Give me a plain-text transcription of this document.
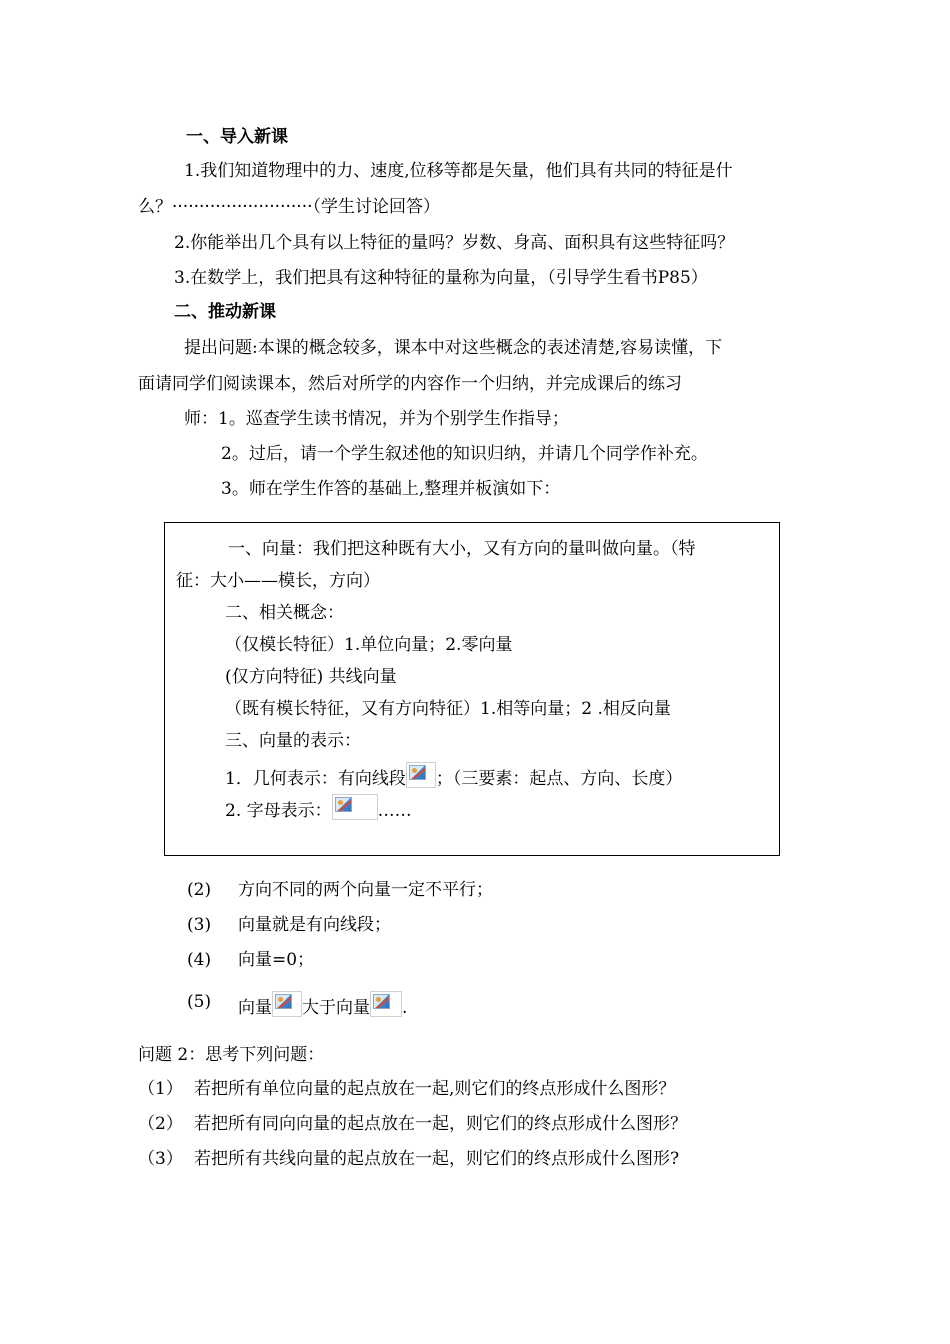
一、导入新课
1.我们知道物理中的力、速度,位移等都是矢量，他们具有共同的特征是什
么？··························（学生讨论回答）
2.你能举出几个具有以上特征的量吗？岁数、身高、面积具有这些特征吗？
3.在数学上，我们把具有这种特征的量称为向量，（引导学生看书P85）
二、推动新课
提出问题:本课的概念较多，课本中对这些概念的表述清楚,容易读懂，下
面请同学们阅读课本，然后对所学的内容作一个归纳，并完成课后的练习
师：1。巡查学生读书情况，并为个别学生作指导；
2。过后，请一个学生叙述他的知识归纳，并请几个同学作补充。
3。师在学生作答的基础上,整理并板演如下：
一、向量：我们把这种既有大小，又有方向的量叫做向量。（特
征：大小——模长，方向）
二、相关概念：
（仅模长特征）1.单位向量；2.零向量
(仅方向特征) 共线向量
（既有模长特征，又有方向特征）1.相等向量；2 .相反向量
三、向量的表示：
1．几何表示：有向线段 ；（三要素：起点、方向、长度）
2. 字母表示：	……
(2) 方向不同的两个向量一定不平行；
(3) 向量就是有向线段；
(4) 向量=0；
(5) 向量 大于向量 .
问题 2：思考下列问题：
（1） 若把所有单位向量的起点放在一起,则它们的终点形成什么图形？
（2） 若把所有同向向量的起点放在一起，则它们的终点形成什么图形？
（3） 若把所有共线向量的起点放在一起，则它们的终点形成什么图形?
